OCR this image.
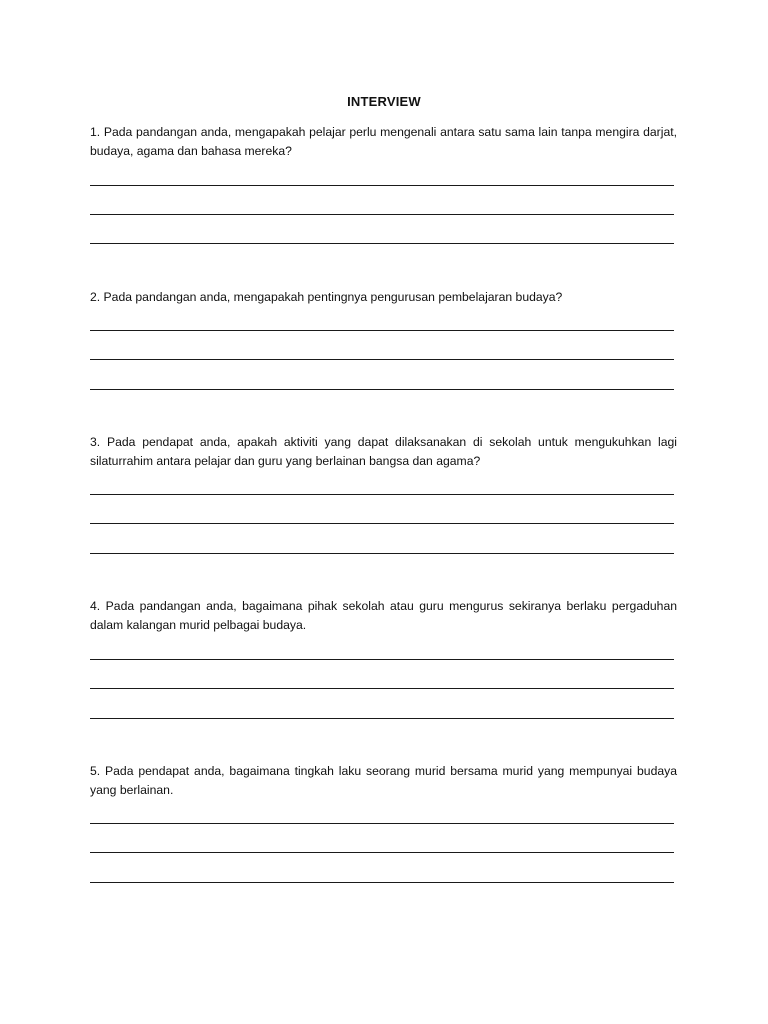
INTERVIEW
1. Pada pandangan anda, mengapakah pelajar perlu mengenali antara satu sama lain tanpa mengira darjat, budaya, agama dan bahasa mereka?
2. Pada pandangan anda, mengapakah pentingnya pengurusan pembelajaran budaya?
3. Pada pendapat anda, apakah aktiviti yang dapat dilaksanakan di sekolah untuk mengukuhkan lagi silaturrahim antara pelajar dan guru yang berlainan bangsa dan agama?
4. Pada pandangan anda, bagaimana pihak sekolah atau guru mengurus sekiranya berlaku pergaduhan dalam kalangan murid pelbagai budaya.
5. Pada pendapat anda, bagaimana tingkah laku seorang murid bersama murid yang mempunyai budaya yang berlainan.
